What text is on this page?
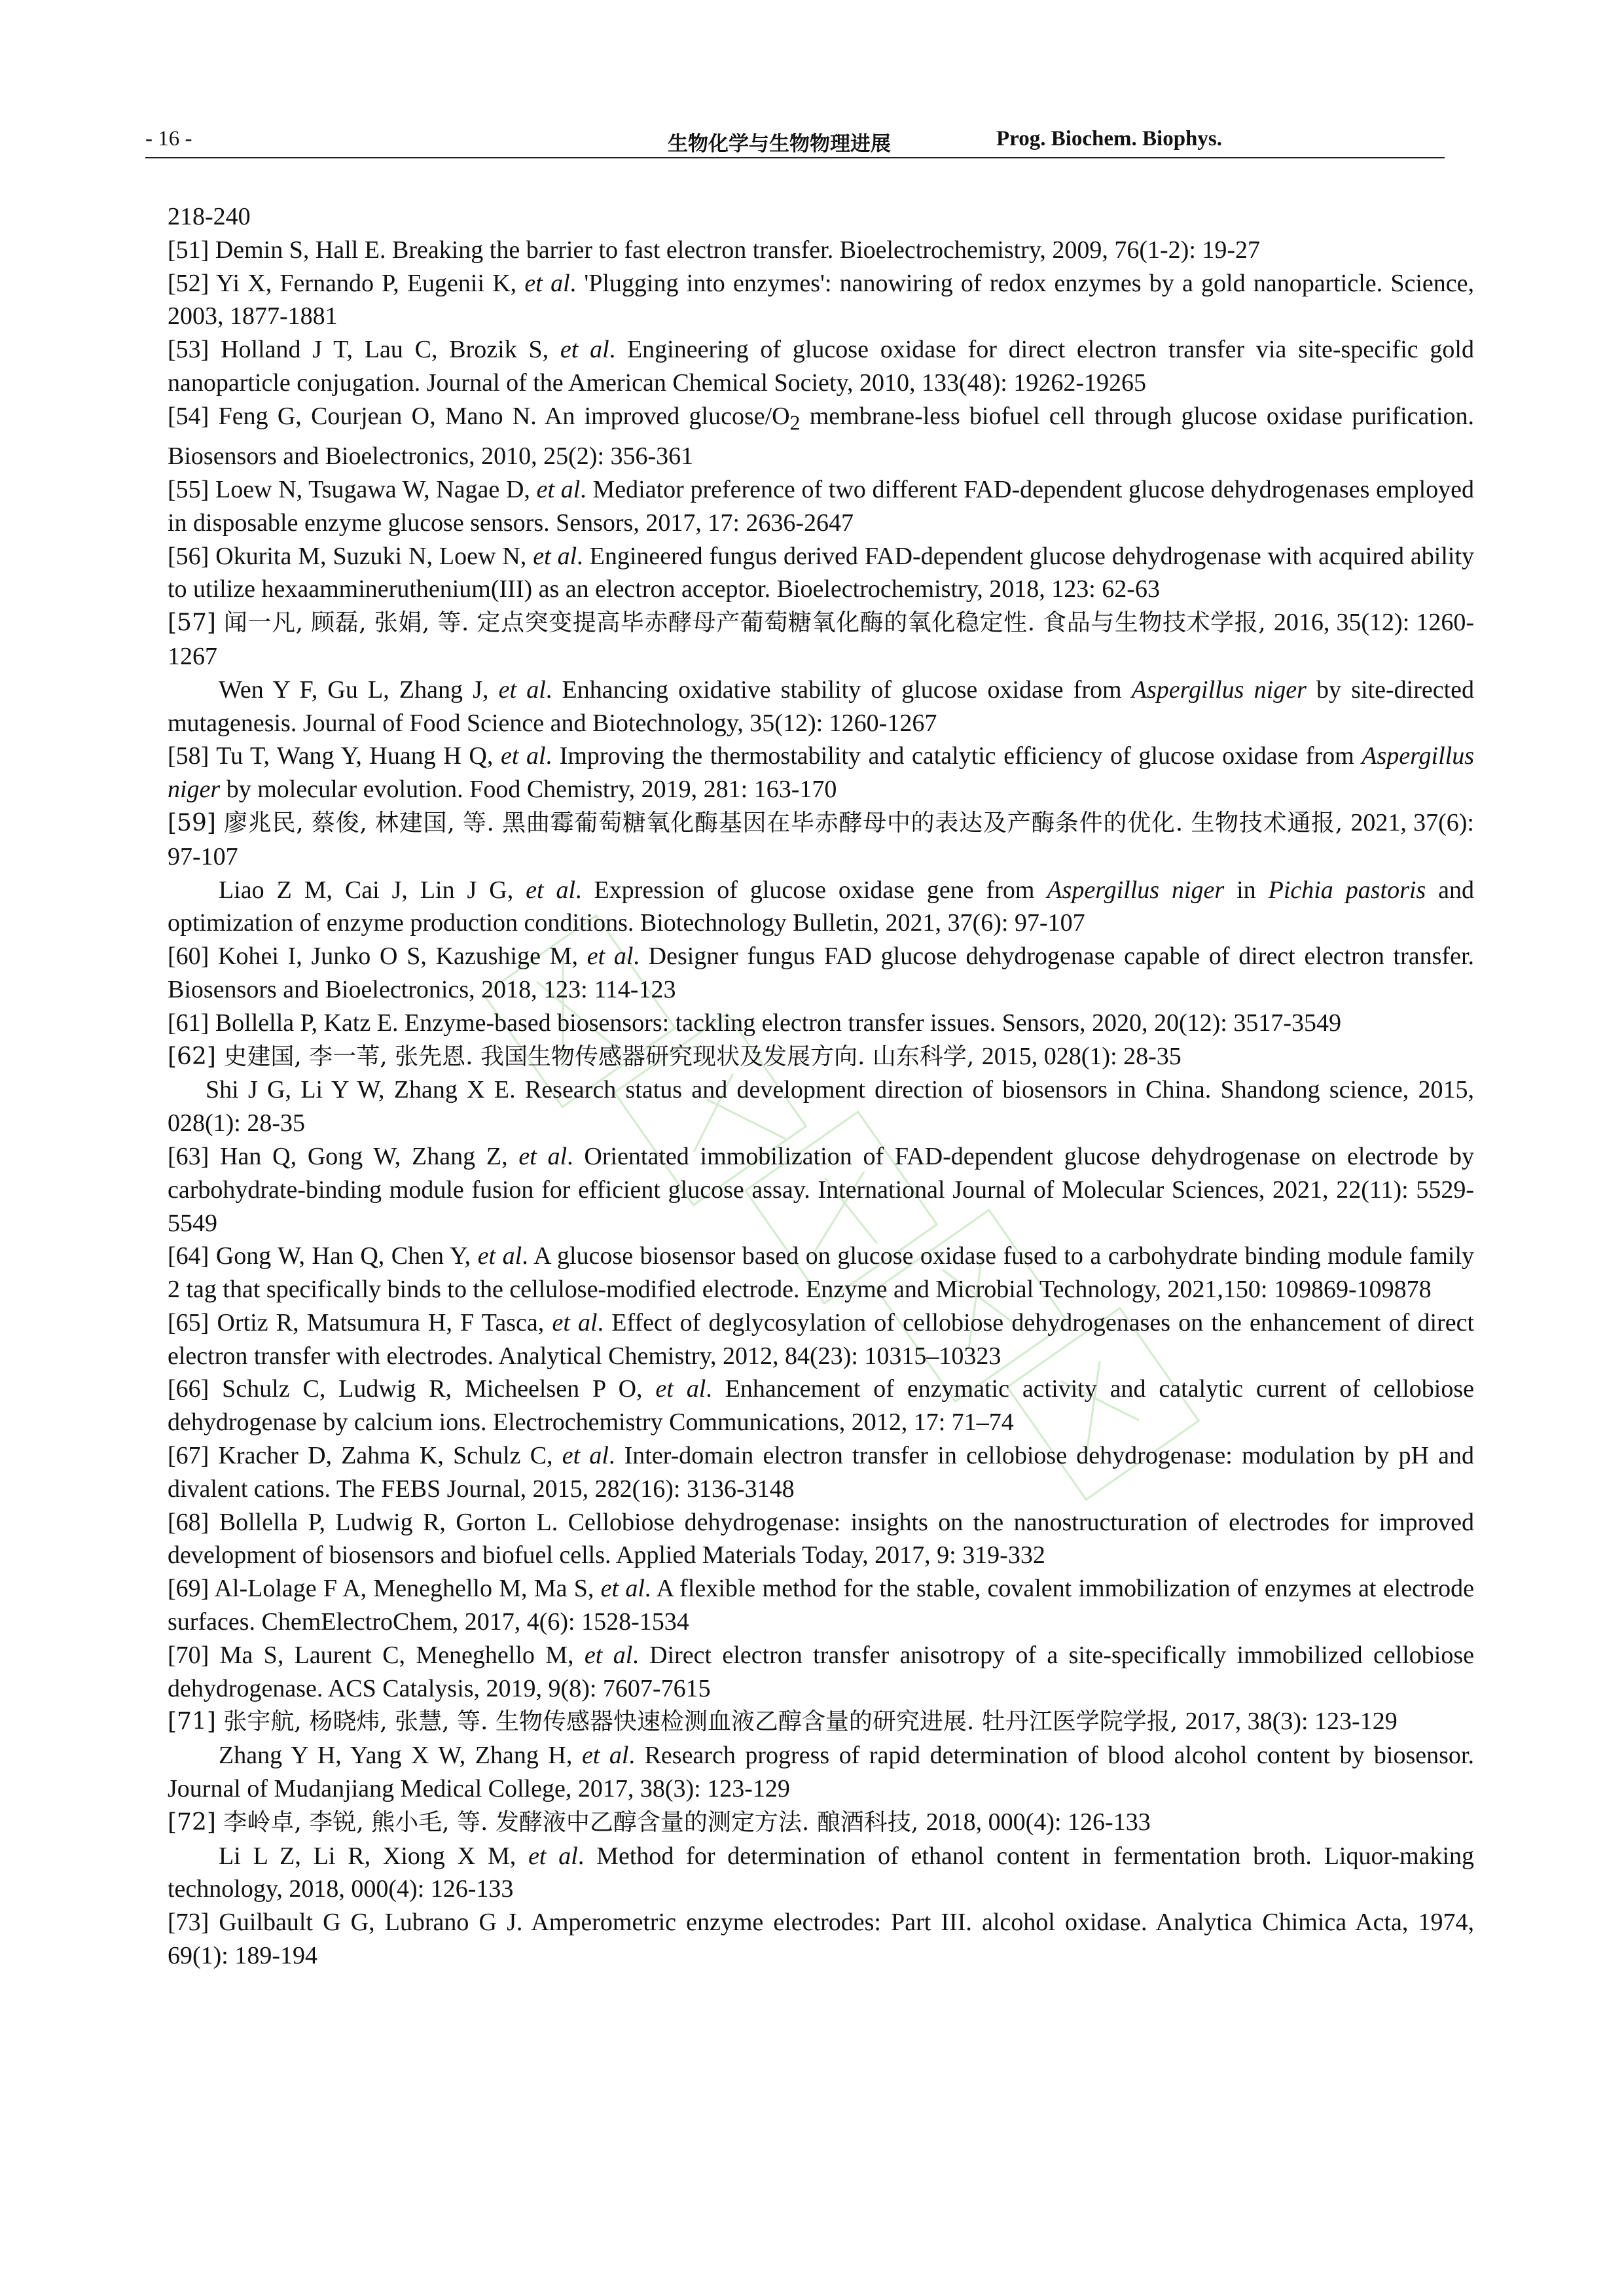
- 16 -	生物化学与生物物理进展	Prog. Biochem. Biophys.

218-240

[51] Demin S, Hall E. Breaking the barrier to fast electron transfer. Bioelectrochemistry, 2009, 76(1-2): 19-27

[52] Yi X, Fernando P, Eugenii K, et al. 'Plugging into enzymes': nanowiring of redox enzymes by a gold nanoparticle. Science, 2003, 1877-1881

[53] Holland J T, Lau C, Brozik S, et al. Engineering of glucose oxidase for direct electron transfer via site-specific gold nanoparticle conjugation. Journal of the American Chemical Society, 2010, 133(48): 19262-19265

[54] Feng G, Courjean O, Mano N. An improved glucose/$O_2$ membrane-less biofuel cell through glucose oxidase purification. Biosensors and Bioelectronics, 2010, 25(2): 356-361

[55] Loew N, Tsugawa W, Nagae D, et al. Mediator preference of two different FAD-dependent glucose dehydrogenases employed in disposable enzyme glucose sensors. Sensors, 2017, 17: 2636-2647

[56] Okurita M, Suzuki N, Loew N, et al. Engineered fungus derived FAD-dependent glucose dehydrogenase with acquired ability to utilize hexaammineruthenium(III) as an electron acceptor. Bioelectrochemistry, 2018, 123: 62-63

[57] 闻一凡, 顾磊, 张娟, 等. 定点突变提高毕赤酵母产葡萄糖氧化酶的氧化稳定性. 食品与生物技术学报, 2016, 35(12): 1260-1267

Wen Y F, Gu L, Zhang J, et al. Enhancing oxidative stability of glucose oxidase from Aspergillus niger by site-directed mutagenesis. Journal of Food Science and Biotechnology, 35(12): 1260-1267

[58] Tu T, Wang Y, Huang H Q, et al. Improving the thermostability and catalytic efficiency of glucose oxidase from Aspergillus niger by molecular evolution. Food Chemistry, 2019, 281: 163-170

[59] 廖兆民, 蔡俊, 林建国, 等. 黑曲霉葡萄糖氧化酶基因在毕赤酵母中的表达及产酶条件的优化. 生物技术通报, 2021, 37(6): 97-107

Liao Z M, Cai J, Lin J G, et al. Expression of glucose oxidase gene from Aspergillus niger in Pichia pastoris and optimization of enzyme production conditions. Biotechnology Bulletin, 2021, 37(6): 97-107

[60] Kohei I, Junko O S, Kazushige M, et al. Designer fungus FAD glucose dehydrogenase capable of direct electron transfer. Biosensors and Bioelectronics, 2018, 123: 114-123

[61] Bollella P, Katz E. Enzyme-based biosensors: tackling electron transfer issues. Sensors, 2020, 20(12): 3517-3549

[62] 史建国, 李一苇, 张先恩. 我国生物传感器研究现状及发展方向. 山东科学, 2015, 028(1): 28-35

Shi J G, Li Y W, Zhang X E. Research status and development direction of biosensors in China. Shandong science, 2015, 028(1): 28-35

[63] Han Q, Gong W, Zhang Z, et al. Orientated immobilization of FAD-dependent glucose dehydrogenase on electrode by carbohydrate-binding module fusion for efficient glucose assay. International Journal of Molecular Sciences, 2021, 22(11): 5529-5549

[64] Gong W, Han Q, Chen Y, et al. A glucose biosensor based on glucose oxidase fused to a carbohydrate binding module family 2 tag that specifically binds to the cellulose-modified electrode. Enzyme and Microbial Technology, 2021,150: 109869-109878

[65] Ortiz R, Matsumura H, F Tasca, et al. Effect of deglycosylation of cellobiose dehydrogenases on the enhancement of direct electron transfer with electrodes. Analytical Chemistry, 2012, 84(23): 10315–10323

[66] Schulz C, Ludwig R, Micheelsen P O, et al. Enhancement of enzymatic activity and catalytic current of cellobiose dehydrogenase by calcium ions. Electrochemistry Communications, 2012, 17: 71–74

[67] Kracher D, Zahma K, Schulz C, et al. Inter-domain electron transfer in cellobiose dehydrogenase: modulation by pH and divalent cations. The FEBS Journal, 2015, 282(16): 3136-3148

[68] Bollella P, Ludwig R, Gorton L. Cellobiose dehydrogenase: insights on the nanostructuration of electrodes for improved development of biosensors and biofuel cells. Applied Materials Today, 2017, 9: 319-332

[69] Al-Lolage F A, Meneghello M, Ma S, et al. A flexible method for the stable, covalent immobilization of enzymes at electrode surfaces. ChemElectroChem, 2017, 4(6): 1528-1534

[70] Ma S, Laurent C, Meneghello M, et al. Direct electron transfer anisotropy of a site-specifically immobilized cellobiose dehydrogenase. ACS Catalysis, 2019, 9(8): 7607-7615

[71] 张宇航, 杨晓炜, 张慧, 等. 生物传感器快速检测血液乙醇含量的研究进展. 牡丹江医学院学报, 2017, 38(3): 123-129

Zhang Y H, Yang X W, Zhang H, et al. Research progress of rapid determination of blood alcohol content by biosensor. Journal of Mudanjiang Medical College, 2017, 38(3): 123-129

[72] 李岭卓, 李锐, 熊小毛, 等. 发酵液中乙醇含量的测定方法. 酿酒科技, 2018, 000(4): 126-133

Li L Z, Li R, Xiong X M, et al. Method for determination of ethanol content in fermentation broth. Liquor-making technology, 2018, 000(4): 126-133

[73] Guilbault G G, Lubrano G J. Amperometric enzyme electrodes: Part III. alcohol oxidase. Analytica Chimica Acta, 1974, 69(1): 189-194
